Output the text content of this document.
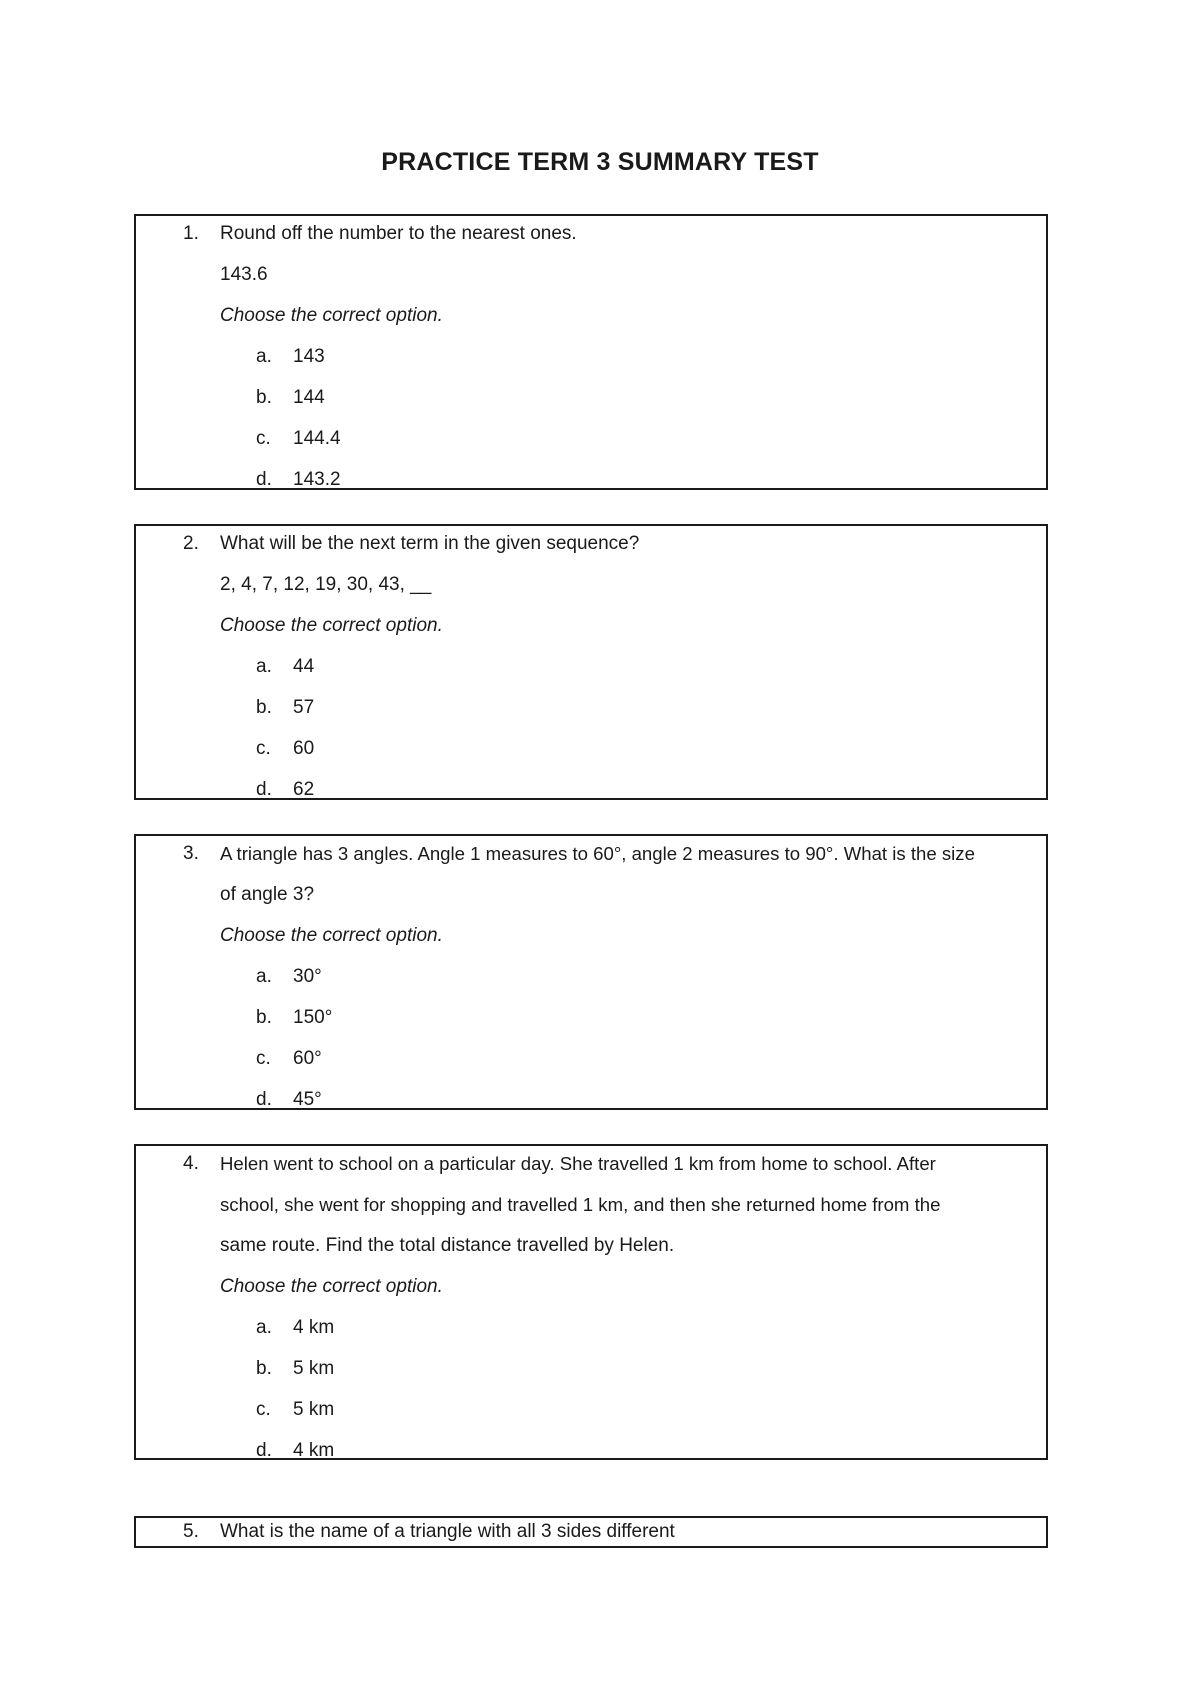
PRACTICE TERM 3 SUMMARY TEST
1. Round off the number to the nearest ones.
143.6
Choose the correct option.
a. 143
b. 144
c. 144.4
d. 143.2
2. What will be the next term in the given sequence?
2, 4, 7, 12, 19, 30, 43, __
Choose the correct option.
a. 44
b. 57
c. 60
d. 62
3. A triangle has 3 angles. Angle 1 measures to 60°, angle 2 measures to 90°. What is the size
of angle 3?
Choose the correct option.
a. 30°
b. 150°
c. 60°
d. 45°
4. Helen went to school on a particular day. She travelled 1 km from home to school. After
school, she went for shopping and travelled 1 km, and then she returned home from the
same route. Find the total distance travelled by Helen.
Choose the correct option.
a. 4 km
b. 5 km
c. 5 km
d. 4 km
5. What is the name of a triangle with all 3 sides different
